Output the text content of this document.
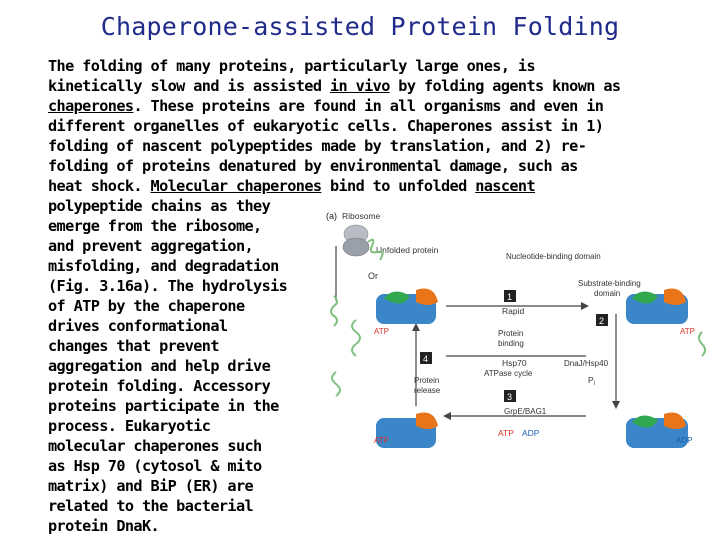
Chaperone-assisted Protein Folding
The folding of many proteins, particularly large ones, is
kinetically slow and is assisted in vivo by folding agents known as
chaperones. These proteins are found in all organisms and even in
different organelles of eukaryotic cells. Chaperones assist in 1)
folding of nascent polypeptides made by translation, and 2) re-
folding of proteins denatured by environmental damage, such as
heat shock. Molecular chaperones bind to unfolded nascent
polypeptide chains as they
emerge from the ribosome,
and prevent aggregation,
misfolding, and degradation
(Fig. 3.16a). The hydrolysis
of ATP by the chaperone
drives conformational
changes that prevent
aggregation and help drive
protein folding. Accessory
proteins participate in the
process. Eukaryotic
molecular chaperones such
as Hsp 70 (cytosol & mito
matrix) and BiP (ER) are
related to the bacterial
protein DnaK.
(a) Ribosome
Unfolded protein
Or
Nucleotide-binding domain
Substrate-binding
domain
Rapid
Protein
binding
Hsp70
ATPase cycle
DnaJ/Hsp40
Protein
release
GrpE/BAG1
$P_i$
1
2
3
4
ATP	ATP
ATP	ADP
ATP ADP
